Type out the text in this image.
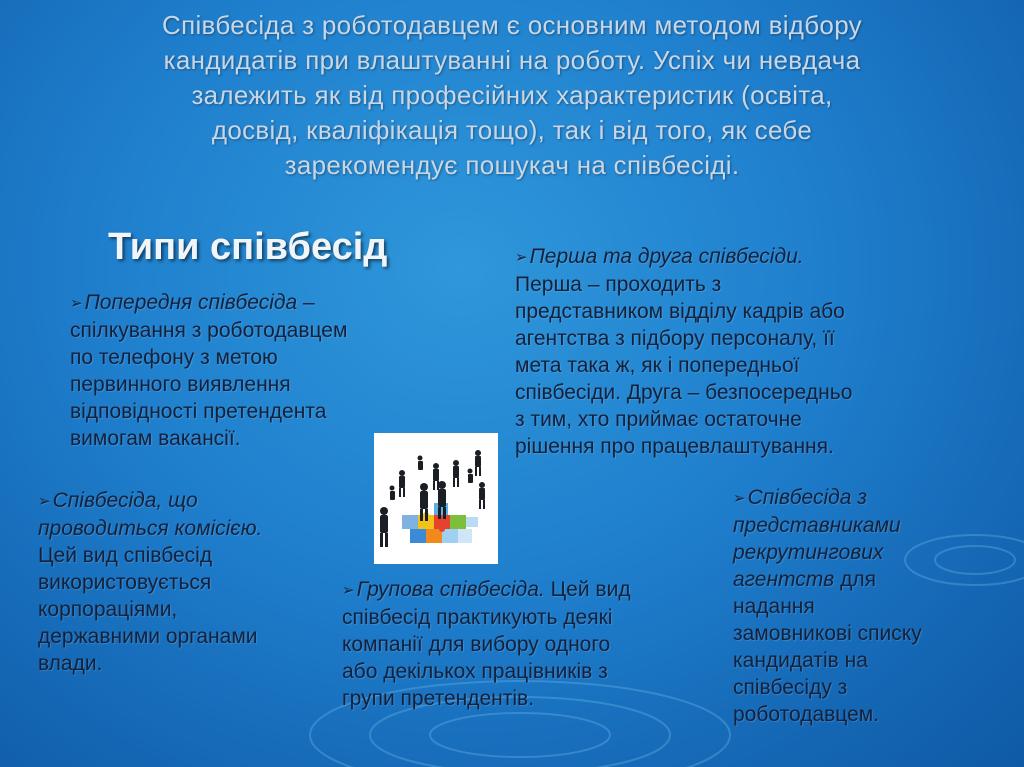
Співбесіда з роботодавцем є основним методом відбору
кандидатів при влаштуванні на роботу. Успіх чи невдача
залежить як від професійних характеристик (освіта,
досвід, кваліфікація тощо), так і від того, як себе
зарекомендує пошукач на співбесіді.
Типи співбесід
➢Попередня співбесіда –
спілкування з роботодавцем
по телефону з метою
первинного виявлення
відповідності претендента
вимогам вакансії.
➢Перша та друга співбесіди.
Перша – проходить з
представником відділу кадрів або
агентства з підбору персоналу, її
мета така ж, як і попередньої
співбесіди. Друга – безпосередньо
з тим, хто приймає остаточне
рішення про працевлаштування.
➢Співбесіда, що
проводиться комісією.
Цей вид співбесід
використовується
корпораціями,
державними органами
влади.
➢Групова співбесіда. Цей вид
співбесід практикують деякі
компанії для вибору одного
або декількох працівників з
групи претендентів.
➢Співбесіда з
представниками
рекрутингових
агентств для
надання
замовникові списку
кандидатів на
співбесіду з
роботодавцем.
